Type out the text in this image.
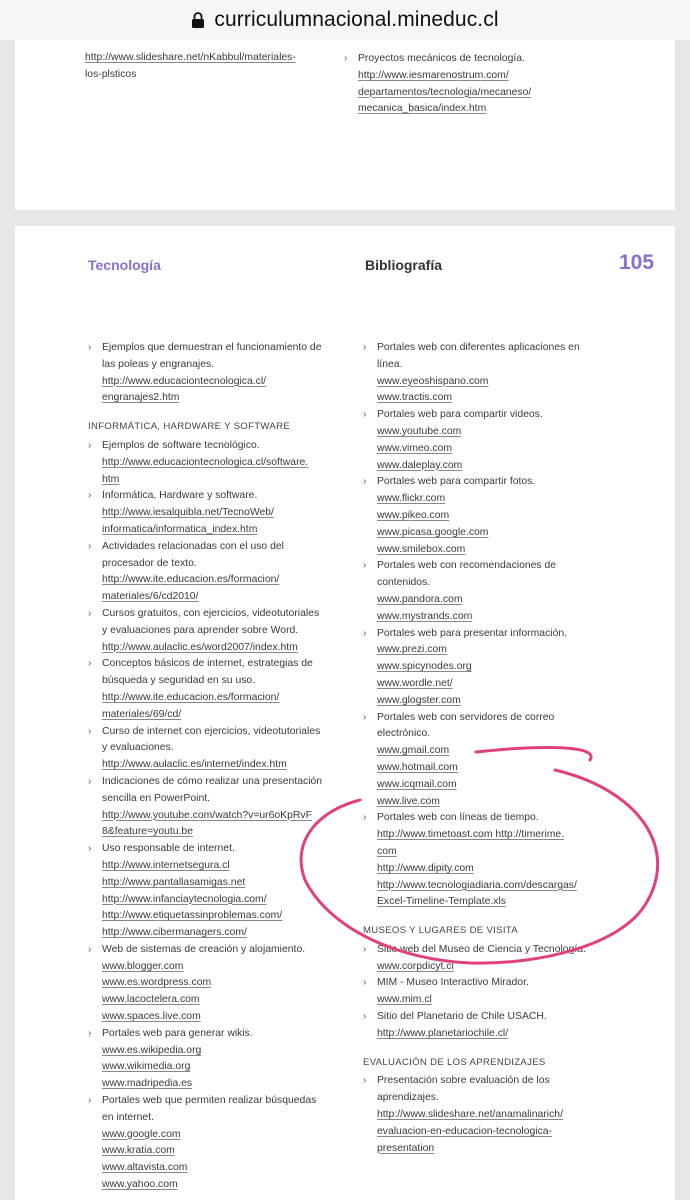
curriculumnacional.mineduc.cl
http://www.slideshare.net/nKabbul/materiales-
los-plsticos
› Proyectos mecánicos de tecnología.
http://www.iesmarenostrum.com/
departamentos/tecnologia/mecaneso/
mecanica_basica/index.htm
Tecnología	Bibliografía	105
› Ejemplos que demuestran el funcionamiento de
las poleas y engranajes.
http://www.educaciontecnologica.cl/
engranajes2.htm
INFORMÁTICA, HARDWARE Y SOFTWARE
› Ejemplos de software tecnológico.
http://www.educaciontecnologica.cl/software.
htm
› Informática, Hardware y software.
http://www.iesalquibla.net/TecnoWeb/
informatica/informatica_index.htm
› Actividades relacionadas con el uso del
procesador de texto.
http://www.ite.educacion.es/formacion/
materiales/6/cd2010/
› Cursos gratuitos, con ejercicios, videotutoriales
y evaluaciones para aprender sobre Word.
http://www.aulaclic.es/word2007/index.htm
› Conceptos básicos de internet, estrategias de
búsqueda y seguridad en su uso.
http://www.ite.educacion.es/formacion/
materiales/69/cd/
› Curso de internet con ejercicios, videotutoriales
y evaluaciones.
http://www.aulaclic.es/internet/index.htm
› Indicaciones de cómo realizar una presentación
sencilla en PowerPoint.
http://www.youtube.com/watch?v=ur6oKpRvF
8&feature=youtu.be
› Uso responsable de internet.
http://www.internetsegura.cl
http://www.pantallasamigas.net
http://www.infanciaytecnologia.com/
http://www.etiquetassinproblemas.com/
http://www.cibermanagers.com/
› Web de sistemas de creación y alojamiento.
www.blogger.com
www.es.wordpress.com
www.lacoctelera.com
www.spaces.live.com
› Portales web para generar wikis.
www.es.wikipedia.org
www.wikimedia.org
www.madripedia.es
› Portales web que permiten realizar búsquedas
en internet.
www.google.com
www.kratia.com
www.altavista.com
www.yahoo.com
› Portales web con diferentes aplicaciones en
línea.
www.eyeoshispano.com
www.tractis.com
› Portales web para compartir videos.
www.youtube.com
www.vimeo.com
www.daleplay.com
› Portales web para compartir fotos.
www.flickr.com
www.pikeo.com
www.picasa.google.com
www.smilebox.com
› Portales web con recomendaciones de
contenidos.
www.pandora.com
www.mystrands.com
› Portales web para presentar información.
www.prezi.com
www.spicynodes.org
www.wordle.net/
www.glogster.com
› Portales web con servidores de correo
electrónico.
www.gmail.com
www.hotmail.com
www.icqmail.com
www.live.com
› Portales web con líneas de tiempo.
http://www.timetoast.com http://timerime.
com
http://www.dipity.com
http://www.tecnologiadiaria.com/descargas/
Excel-Timeline-Template.xls
MUSEOS Y LUGARES DE VISITA
› Sitio web del Museo de Ciencia y Tecnología.
www.corpdicyt.cl
› MIM - Museo Interactivo Mirador.
www.mim.cl
› Sitio del Planetario de Chile USACH.
http://www.planetariochile.cl/
EVALUACIÓN DE LOS APRENDIZAJES
› Presentación sobre evaluación de los
aprendizajes.
http://www.slideshare.net/anamalinarich/
evaluacion-en-educacion-tecnologica-
presentation
